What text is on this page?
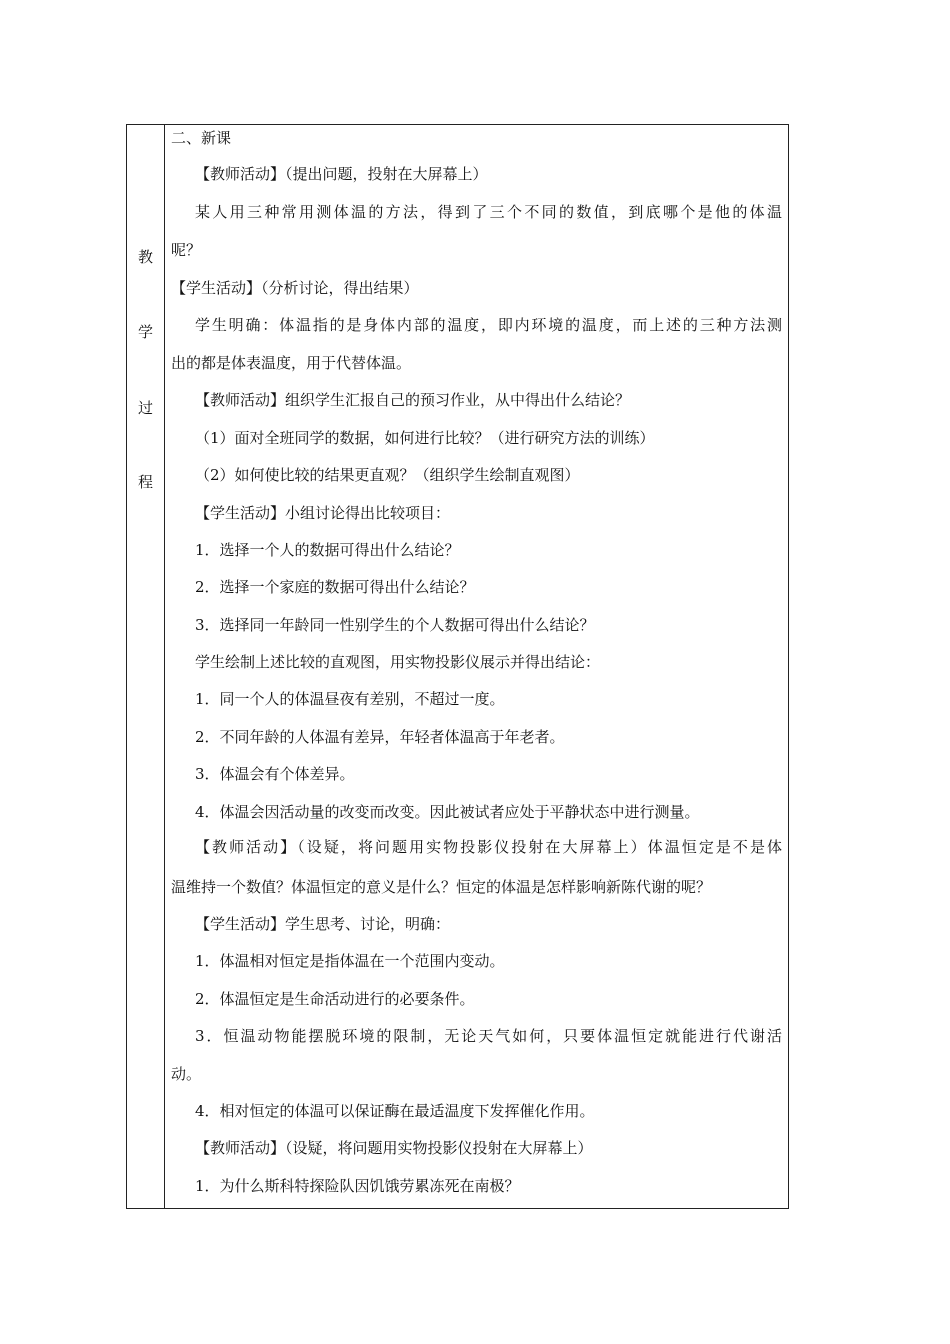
教
学
过
程
二、新课
【教师活动】（提出问题，投射在大屏幕上）
某人用三种常用测体温的方法，得到了三个不同的数值，到底哪个是他的体温
呢？
【学生活动】（分析讨论，得出结果）
学生明确：体温指的是身体内部的温度，即内环境的温度，而上述的三种方法测
出的都是体表温度，用于代替体温。
【教师活动】组织学生汇报自己的预习作业，从中得出什么结论？
（1）面对全班同学的数据，如何进行比较？（进行研究方法的训练）
（2）如何使比较的结果更直观？（组织学生绘制直观图）
【学生活动】小组讨论得出比较项目：
1．选择一个人的数据可得出什么结论？
2．选择一个家庭的数据可得出什么结论？
3．选择同一年龄同一性别学生的个人数据可得出什么结论？
学生绘制上述比较的直观图，用实物投影仪展示并得出结论：
1．同一个人的体温昼夜有差别，不超过一度。
2．不同年龄的人体温有差异，年轻者体温高于年老者。
3．体温会有个体差异。
4．体温会因活动量的改变而改变。因此被试者应处于平静状态中进行测量。
【教师活动】（设疑，将问题用实物投影仪投射在大屏幕上）体温恒定是不是体
温维持一个数值？体温恒定的意义是什么？恒定的体温是怎样影响新陈代谢的呢？
【学生活动】学生思考、讨论，明确：
1．体温相对恒定是指体温在一个范围内变动。
2．体温恒定是生命活动进行的必要条件。
3．恒温动物能摆脱环境的限制，无论天气如何，只要体温恒定就能进行代谢活
动。
4．相对恒定的体温可以保证酶在最适温度下发挥催化作用。
【教师活动】（设疑，将问题用实物投影仪投射在大屏幕上）
1．为什么斯科特探险队因饥饿劳累冻死在南极？
